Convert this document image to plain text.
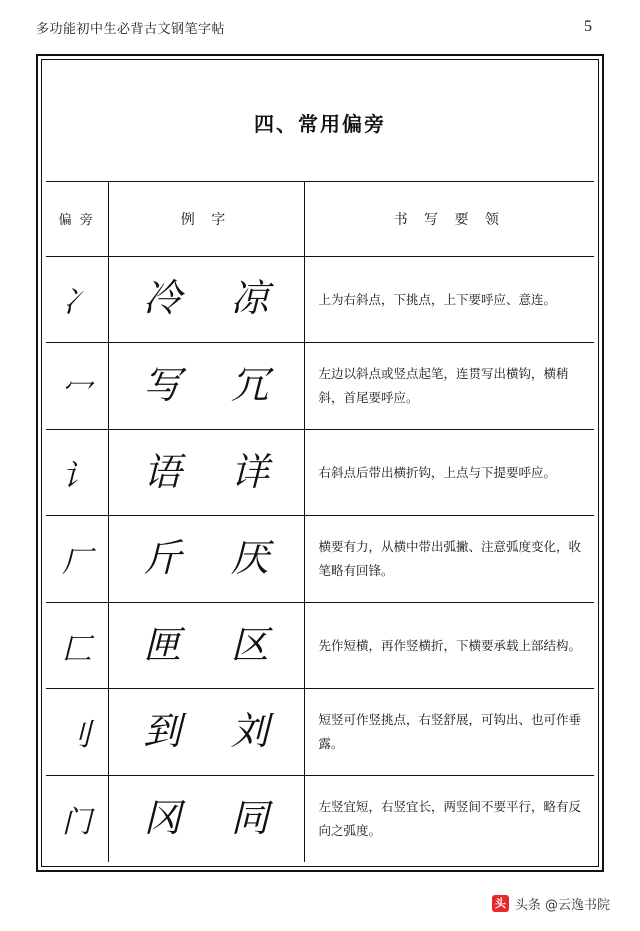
多功能初中生必背古文钢笔字帖	5
四、常用偏旁
偏 旁	例 字	书 写 要 领
冫	冷 凉	上为右斜点，下挑点，上下要呼应、意连。
冖	写 冗	左边以斜点或竖点起笔，连贯写出横钩，横稍斜，首尾要呼应。
讠	语 详	右斜点后带出横折钩，上点与下提要呼应。
厂	斤 厌	横要有力，从横中带出弧撇、注意弧度变化，收笔略有回锋。
匚	匣 区	先作短横，再作竖横折，下横要承载上部结构。
刂	到 刘	短竖可作竖挑点，右竖舒展，可钩出、也可作垂露。
门	冈 同	左竖宜短，右竖宜长，两竖间不要平行，略有反向之弧度。
头 头条 @云逸书院
